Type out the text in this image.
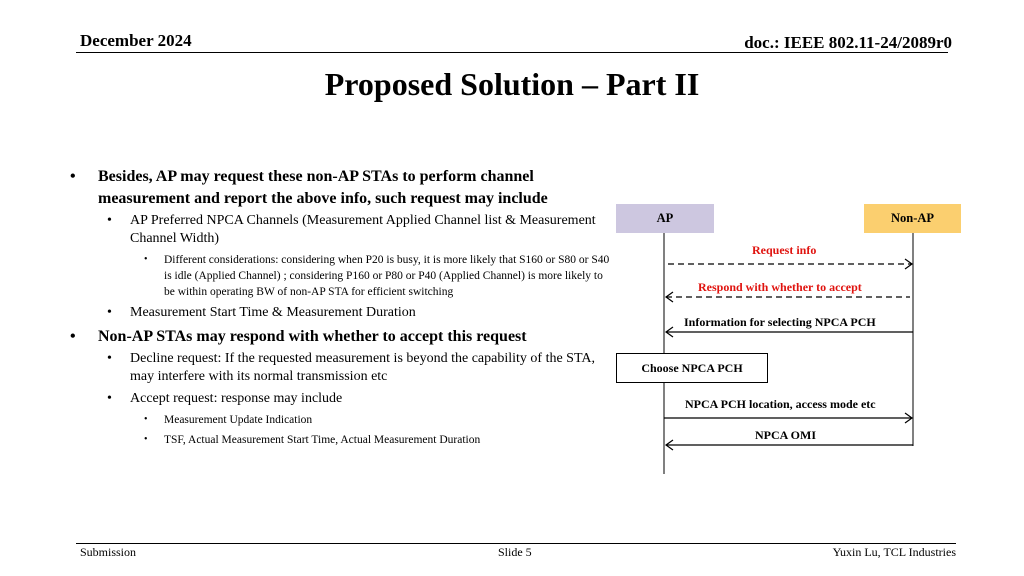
December 2024	doc.: IEEE 802.11-24/2089r0
Proposed Solution – Part II
• Besides, AP may request these non-AP STAs to perform channel measurement and report the above info, such request may include
• AP Preferred NPCA Channels (Measurement Applied Channel list & Measurement Channel Width)
• Different considerations: considering when P20 is busy, it is more likely that S160 or S80 or S40 is idle (Applied Channel) ; considering P160 or P80 or P40 (Applied Channel) is more likely to be within operating BW of non-AP STA for efficient switching
• Measurement Start Time & Measurement Duration
• Non-AP STAs may respond with whether to accept this request
• Decline request: If the requested measurement is beyond the capability of the STA, may interfere with its normal transmission etc
• Accept request: response may include
• Measurement Update Indication
• TSF, Actual Measurement Start Time, Actual Measurement Duration
AP	Non-AP
Request info
Respond with whether to accept
Information for selecting NPCA PCH
Choose NPCA PCH
NPCA PCH location, access mode etc
NPCA OMI
Submission	Slide 5	Yuxin Lu, TCL Industries
